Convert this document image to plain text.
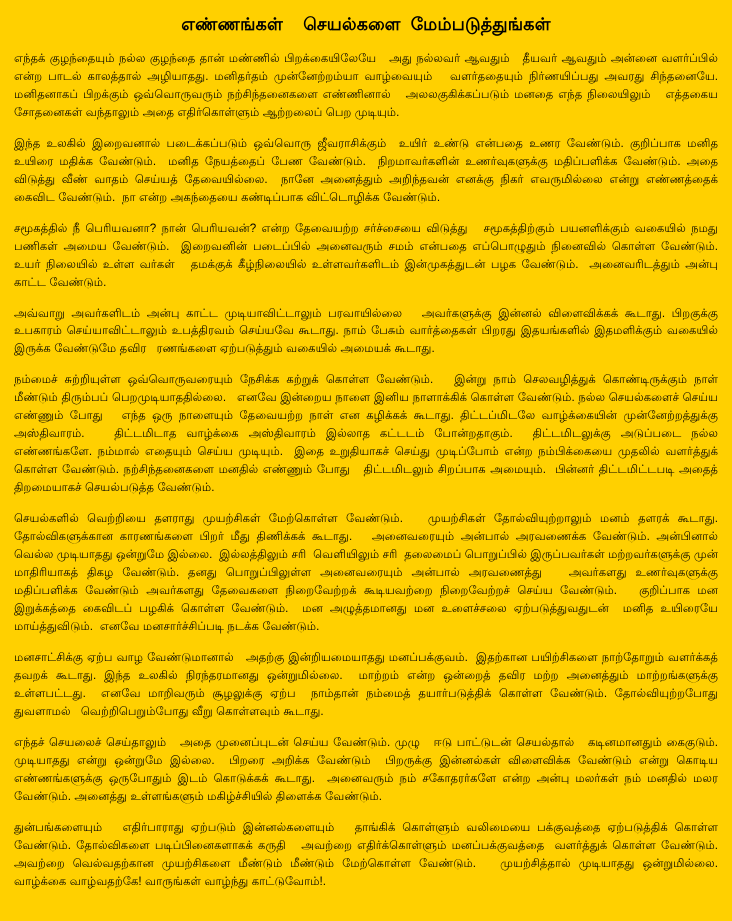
எண்ணங்கள்    செயல்களை  மேம்படுத்துங்கள்

எந்தக் குழந்தையும் நல்ல குழந்தை தான் மண்ணில் பிறக்கையிலேயே   அது நல்லவர் ஆவதும்   தீயவர் ஆவதும் அன்னை வளர்ப்பில் என்ற பாடல் காலத்தால் அழியாதது. மனிதர்தம் முன்னேற்றம்யா வாழ்வையும்   வளர்ததையும் நிர்ணயிப்பது அவரது சிந்தனையே.  மனிதனாகப் பிறக்கும் ஒவ்வொருவரும் நற்சிந்தனைகளை எண்ணினால்   அலலகுகிக்கப்படும் மனதை எந்த நிலையிலும்   எத்தகைய சோதனைகள் வந்தாலும் அதை எதிர்கொள்ளும் ஆற்றலைப் பெற முடியும்.

இந்த உலகில் இறைவனால் படைக்கப்படும் ஒவ்வொரு ஜீவராசிக்கும்  உயிர் உண்டு என்பதை உணர வேண்டும். குறிப்பாக மனித உயிரை மதிக்க வேண்டும்.  மனித நேயத்தைப் பேண வேண்டும்.  நிறமாவர்களின் உணர்வுகளுக்கு மதிப்பளிக்க வேண்டும். அதை விடுத்து வீண் வாதம் செய்யத் தேவையில்லை.  நானே அனைத்தும் அறிந்தவன் எனக்கு நிகர் எவருமில்லை என்று எண்ணத்தைக் கைவிட வேண்டும்.  நா என்ற அகந்தையை கண்டிப்பாக விட்டொழிக்க வேண்டும்.

சமூகத்தில் நீ பெரியவனா? நான் பெரியவன்? என்ற தேவையற்ற சர்ச்சையை விடுத்து   சமூகத்திற்கும் பயனளிக்கும் வகையில் நமது பணிகள் அமைய வேண்டும்.  இறைவனின் படைப்பில் அனைவரும் சமம் என்பதை எப்பொழுதும் நினைவில் கொள்ள வேண்டும். உயர் நிலையில் உள்ள வர்கள்   தமக்குக் கீழ்நிலையில் உள்ளவர்களிடம் இன்முகத்துடன் பழக வேண்டும்.  அனைவரிடத்தும் அன்பு காட்ட வேண்டும்.

அவ்வாறு அவர்களிடம் அன்பு காட்ட முடியாவிட்டாலும் பரவாயில்லை   அவர்களுக்கு இன்னல் விளைவிக்கக் கூடாது. பிறகுக்கு உபகாரம் செய்யாவிட்டாலும் உபத்திரவம் செய்யவே கூடாது. நாம் பேசும் வார்த்தைகள் பிறரது இதயங்களில் இதமளிக்கும் வகையில் இருக்க வேண்டுமே தவிர   ரணங்களை ஏற்படுத்தும் வகையில் அமையக் கூடாது.

நம்மைச் சுற்றியுள்ள ஒவ்வொருவரையும் நேசிக்க கற்றுக் கொள்ள வேண்டும்.   இன்று நாம் செலவழித்துக் கொண்டிருக்கும் நாள்  மீண்டும் திரும்பப் பெறமுடியாததில்லை.   எனவே இன்றைய நாளை இனிய நாளாக்கிக் கொள்ள வேண்டும். நல்ல செயல்களைச் செய்ய எண்ணும் போது   எந்த ஒரு நாளையும் தேவையற்ற நாள் என கழிக்கக் கூடாது. திட்டப்மிடலே வாழ்க்கையின் முன்னேற்றத்துக்கு அஸ்திவாரம்.   திட்டமிடாத வாழ்க்கை அஸ்திவாரம் இல்லாத கட்டடம் போன்றதாகும்.  திட்டமிடலுக்கு அடுப்படை நல்ல எண்ணங்களே. நம்மால் எதையும் செய்ய முடியும்.  இதை உறுதியாகச் செய்து முடிப்போம் என்ற நம்பிக்கையை முதலில் வளர்த்துக் கொள்ள வேண்டும். நற்சிந்தனைகளை மனதில் எண்ணும் போது   திட்டமிடலும் சிறப்பாக அமையும்.  பின்னர் திட்டமிட்டபடி அதைத் திறமையாகச் செயல்படுத்த வேண்டும்.

செயல்களில் வெற்றியை தளராது முயற்சிகள் மேற்கொள்ள வேண்டும்.   முயற்சிகள் தோல்வியுற்றாலும் மனம் தளரக் கூடாது. தோல்விகளுக்கான காரணங்களை பிறர் மீது திணிக்கக் கூடாது.   அனைவரையும் அன்பால் அரவணைக்க வேண்டும். அன்பினால் வெல்ல முடியாதது ஒன்றுமே இல்லை.  இல்லத்திலும் சரி  வெளியிலும் சரி  தலைமைப் பொறுப்பில் இருப்பவர்கள் மற்றவர்களுக்கு முன் மாதிரியாகத் திகழ வேண்டும். தனது பொறுப்பிலுள்ள அனைவரையும் அன்பால் அரவணைத்து   அவர்களது உணர்வுகளுக்கு மதிப்பளிக்க வேண்டும் அவர்களது தேவைகளை நிறைவேற்றக் கூடியவற்றை நிறைவேற்றச் செய்ய வேண்டும்.   குறிப்பாக மன இறுக்கத்தை கைவிடப் பழகிக் கொள்ள வேண்டும்.  மன அழுத்தமானது மன உளைச்சலை ஏற்படுத்துவதுடன்  மனித உயிரையே மாய்த்துவிடும்.  எனவே மனசார்ச்சிப்படி நடக்க வேண்டும்.

மனசாட்சிக்கு ஏற்ப வாழ வேண்டுமானால்   அதற்கு இன்றியமையாதது மனப்பக்குவம்.  இதற்கான பயிற்சிகளை நாற்தோறும் வளர்க்கத் தவறக் கூடாது. இந்த உலகில் நிரந்தரமானது ஒன்றுமில்லை.  மாற்றம் என்ற ஒன்றைத் தவிர மற்ற அனைத்தும் மாற்றங்களுக்கு உள்ளபட்டது.  எனவே மாறிவரும் சூழலுக்கு ஏற்ப  நாம்தான் நம்மைத் தயார்படுத்திக் கொள்ள வேண்டும். தோல்வியுற்றபோது துவளாமல்   வெற்றிபெறும்போது வீறு கொள்ளவும் கூடாது.

எந்தச் செயலைச் செய்தாலும்   அதை முனைப்புடன் செய்ய வேண்டும். முழு   ஈடு பாட்டுடன் செயல்தால்   கடினமானதும் கைகுடும்.  முடியாதது என்று ஒன்றுமே இல்லை.  பிறரை அறிக்க வேண்டும்  பிறருக்கு இன்னல்கள் விளைவிக்க வேண்டும் என்று கொடிய எண்ணங்களுக்கு ஒருபோதும் இடம் கொடுக்கக் கூடாது.  அனைவரும் நம் சகோதரர்களே என்ற அன்பு மலர்கள் நம் மனதில் மலர வேண்டும். அனைத்து உள்ளங்களும் மகிழ்ச்சியில் திளைக்க வேண்டும்.

துன்பங்களையும்   எதிர்பாராது ஏற்படும் இன்னல்களையும்   தாங்கிக் கொள்ளும் வலிமையை பக்குவத்தை ஏற்படுத்திக் கொள்ள வேண்டும். தோல்விகளை படிப்பினைகளாகக் கருதி   அவற்றை எதிர்க்கொள்ளும் மனப்பக்குவத்தை  வளர்த்துக் கொள்ள வேண்டும்.  அவற்றை வெல்வதற்கான முயற்சிகளை மீண்டும் மீண்டும் மேற்கொள்ள வேண்டும்.   முயற்சித்தால் முடியாதது ஒன்றுமில்லை.   வாழ்க்கை வாழ்வதற்கே! வாருங்கள் வாழ்ந்து காட்டுவோம்!.
